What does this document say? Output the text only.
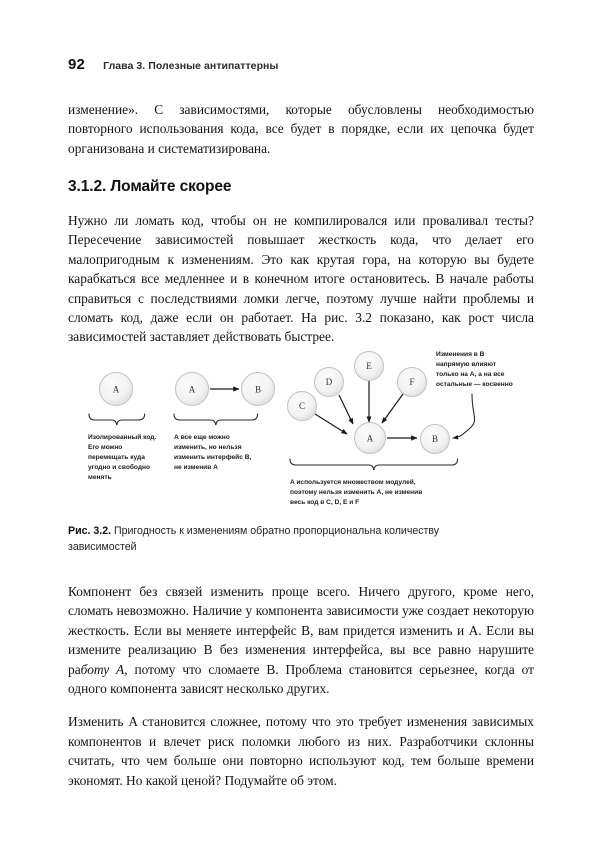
92 Глава 3. Полезные антипаттерны

изменение». С зависимостями, которые обусловлены необходимостью повторного использования кода, все будет в порядке, если их цепочка будет организована и систематизирована.

3.1.2. Ломайте скорее

Нужно ли ломать код, чтобы он не компилировался или проваливал тесты? Пересечение зависимостей повышает жесткость кода, что делает его малопригодным к изменениям. Это как крутая гора, на которую вы будете карабкаться все медленнее и в конечном итоге остановитесь. В начале работы справиться с последствиями ломки легче, поэтому лучше найти проблемы и сломать код, даже если он работает. На рис. 3.2 показано, как рост числа зависимостей заставляет действовать быстрее.

A
Изолированный код.
Его можно
перемещать куда
угодно и свободно
менять
A	B
А все еще можно
изменить, но нельзя
изменить интерфейс B,
не изменив A
C
D
E
F
A	B
A используется множеством модулей,
поэтому нельзя изменить A, не изменив
весь код в C, D, E и F
Изменения в B
напрямую влияют
только на A, а на все
остальные — косвенно
Рис. 3.2. Пригодность к изменениям обратно пропорциональна количеству зависимостей

Компонент без связей изменить проще всего. Ничего другого, кроме него, сломать невозможно. Наличие у компонента зависимости уже создает некоторую жесткость. Если вы меняете интерфейс B, вам придется изменить и A. Если вы измените реализацию B без изменения интерфейса, вы все равно нарушите работу A, потому что сломаете B. Проблема становится серьезнее, когда от одного компонента зависят несколько других.

Изменить A становится сложнее, потому что это требует изменения зависимых компонентов и влечет риск поломки любого из них. Разработчики склонны считать, что чем больше они повторно используют код, тем больше времени экономят. Но какой ценой? Подумайте об этом.
